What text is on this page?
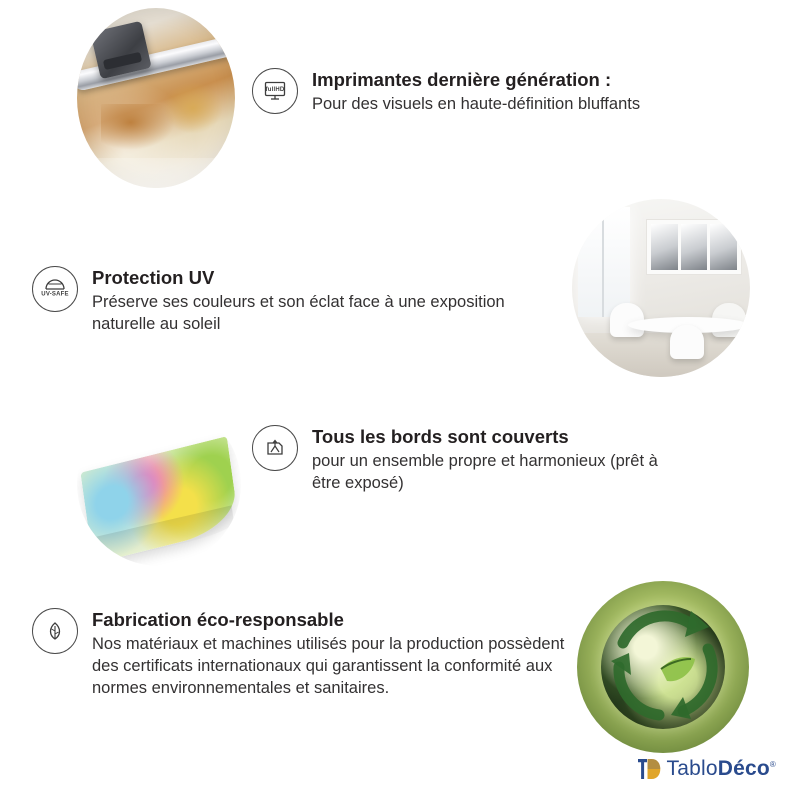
fullHD Imprimantes dernière génération :

Pour des visuels en haute-définition bluffants

UV-SAFE

Protection UV

Préserve ses couleurs et son éclat face à une exposition naturelle au soleil

Tous les bords sont couverts

pour un ensemble propre et harmonieux (prêt à être exposé)

Fabrication éco-responsable

Nos matériaux et machines utilisés pour la production possèdent des certificats internationaux qui garantissent la conformité aux normes environnementales et sanitaires.

TabloDéco®
